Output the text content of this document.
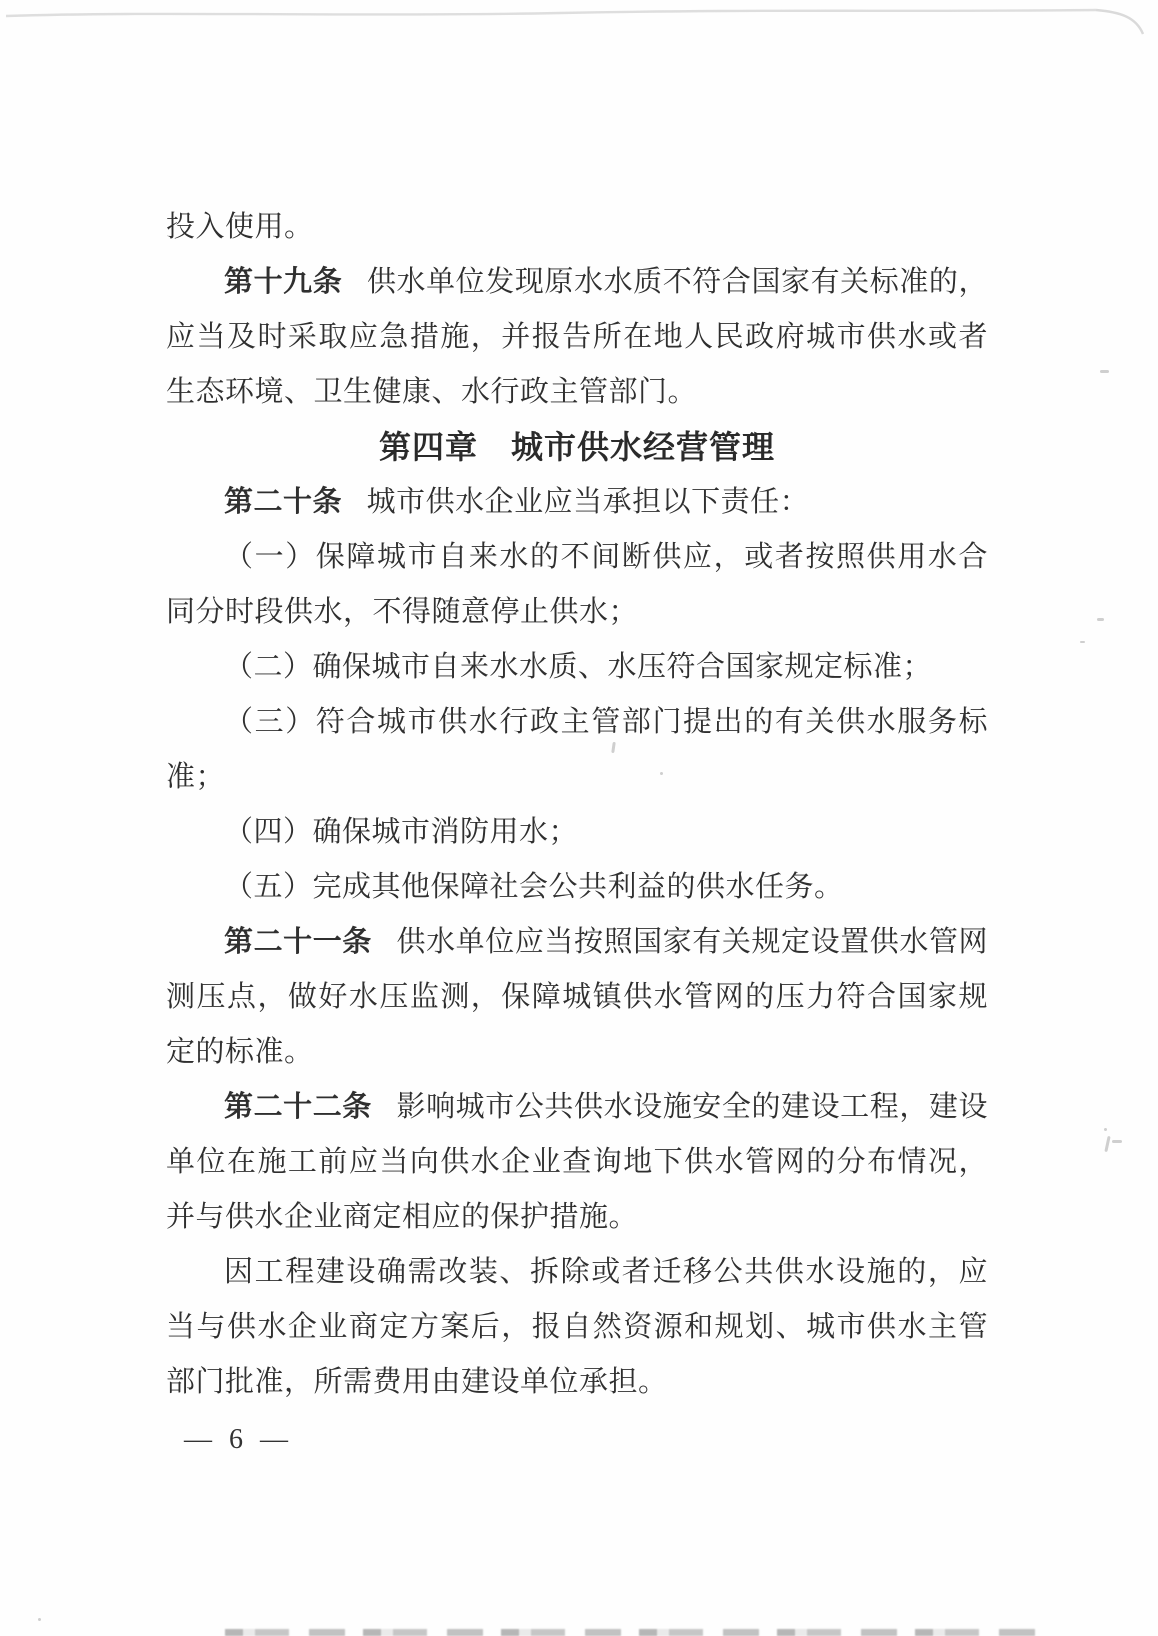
投入使用。

第十九条 供水单位发现原水水质不符合国家有关标准的，应当及时采取应急措施，并报告所在地人民政府城市供水或者生态环境、卫生健康、水行政主管部门。

第四章　城市供水经营管理

第二十条 城市供水企业应当承担以下责任：

（一）保障城市自来水的不间断供应，或者按照供用水合同分时段供水，不得随意停止供水；

（二）确保城市自来水水质、水压符合国家规定标准；

（三）符合城市供水行政主管部门提出的有关供水服务标准；

（四）确保城市消防用水；

（五）完成其他保障社会公共利益的供水任务。

第二十一条 供水单位应当按照国家有关规定设置供水管网测压点，做好水压监测，保障城镇供水管网的压力符合国家规定的标准。

第二十二条 影响城市公共供水设施安全的建设工程，建设单位在施工前应当向供水企业查询地下供水管网的分布情况，并与供水企业商定相应的保护措施。

因工程建设确需改装、拆除或者迁移公共供水设施的，应当与供水企业商定方案后，报自然资源和规划、城市供水主管部门批准，所需费用由建设单位承担。

— 6 —
